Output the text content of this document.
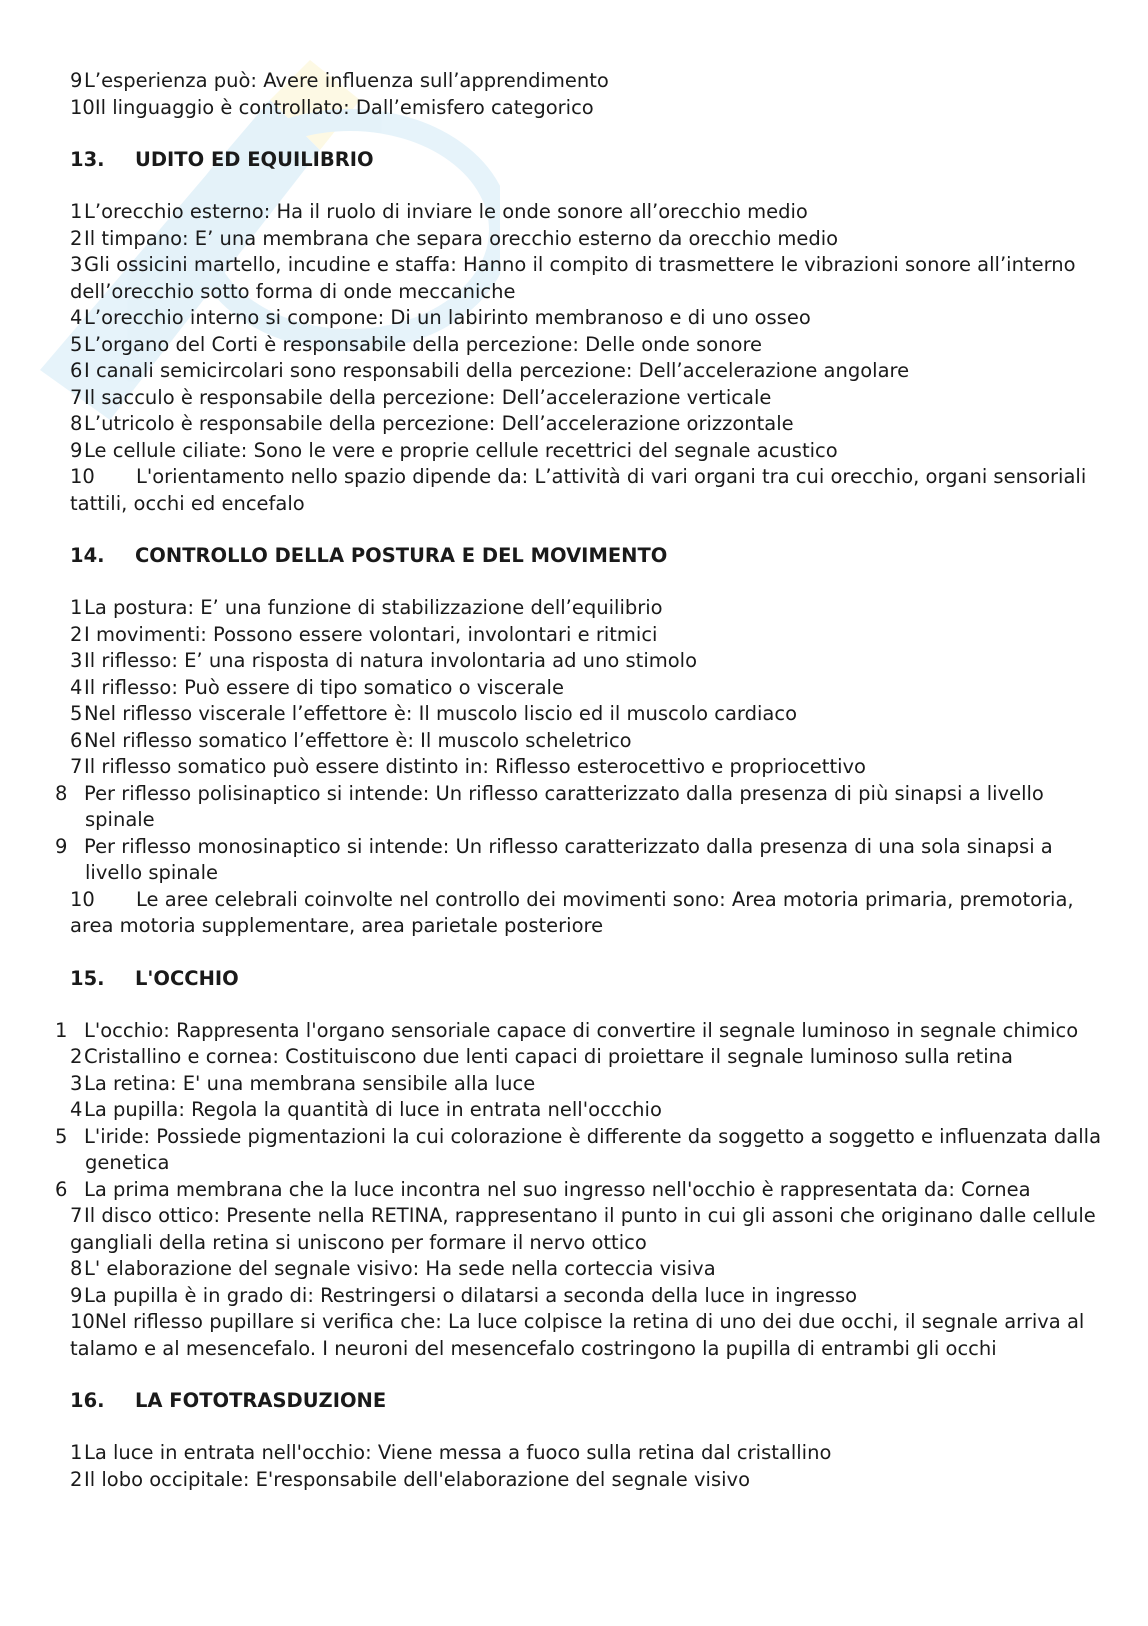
9L’esperienza può: Avere influenza sull’apprendimento

10Il linguaggio è controllato: Dall’emisfero categorico

13.	UDITO ED EQUILIBRIO

1L’orecchio esterno: Ha il ruolo di inviare le onde sonore all’orecchio medio

2Il timpano: E’ una membrana che separa orecchio esterno da orecchio medio

3Gli ossicini martello, incudine e staffa: Hanno il compito di trasmettere le vibrazioni sonore all’interno dell’orecchio sotto forma di onde meccaniche

4L’orecchio interno si compone: Di un labirinto membranoso e di uno osseo

5L’organo del Corti è responsabile della percezione: Delle onde sonore

6I canali semicircolari sono responsabili della percezione: Dell’accelerazione angolare

7Il sacculo è responsabile della percezione: Dell’accelerazione verticale

8L’utricolo è responsabile della percezione: Dell’accelerazione orizzontale

9Le cellule ciliate: Sono le vere e proprie cellule recettrici del segnale acustico

10 L'orientamento nello spazio dipende da: L’attività di vari organi tra cui orecchio, organi sensoriali tattili, occhi ed encefalo

14.	CONTROLLO DELLA POSTURA E DEL MOVIMENTO

1La postura: E’ una funzione di stabilizzazione dell’equilibrio

2I movimenti: Possono essere volontari, involontari e ritmici

3Il riflesso: E’ una risposta di natura involontaria ad uno stimolo

4Il riflesso: Può essere di tipo somatico o viscerale

5Nel riflesso viscerale l’effettore è: Il muscolo liscio ed il muscolo cardiaco

6Nel riflesso somatico l’effettore è: Il muscolo scheletrico

7Il riflesso somatico può essere distinto in: Riflesso esterocettivo e propriocettivo

8 Per riflesso polisinaptico si intende: Un riflesso caratterizzato dalla presenza di più sinapsi a livello spinale

9 Per riflesso monosinaptico si intende: Un riflesso caratterizzato dalla presenza di una sola sinapsi a livello spinale

10 Le aree celebrali coinvolte nel controllo dei movimenti sono: Area motoria primaria, premotoria, area motoria supplementare, area parietale posteriore

15.	L'OCCHIO

1 L'occhio: Rappresenta l'organo sensoriale capace di convertire il segnale luminoso in segnale chimico

2Cristallino e cornea: Costituiscono due lenti capaci di proiettare il segnale luminoso sulla retina

3La retina: E' una membrana sensibile alla luce

4La pupilla: Regola la quantità di luce in entrata nell'occchio

5 L'iride: Possiede pigmentazioni la cui colorazione è differente da soggetto a soggetto e influenzata dalla genetica

6 La prima membrana che la luce incontra nel suo ingresso nell'occhio è rappresentata da: Cornea

7Il disco ottico: Presente nella RETINA, rappresentano il punto in cui gli assoni che originano dalle cellule gangliali della retina si uniscono per formare il nervo ottico

8L' elaborazione del segnale visivo: Ha sede nella corteccia visiva

9La pupilla è in grado di: Restringersi o dilatarsi a seconda della luce in ingresso

10Nel riflesso pupillare si verifica che: La luce colpisce la retina di uno dei due occhi, il segnale arriva al talamo e al mesencefalo. I neuroni del mesencefalo costringono la pupilla di entrambi gli occhi

16.	LA FOTOTRASDUZIONE

1La luce in entrata nell'occhio: Viene messa a fuoco sulla retina dal cristallino

2Il lobo occipitale: E'responsabile dell'elaborazione del segnale visivo
